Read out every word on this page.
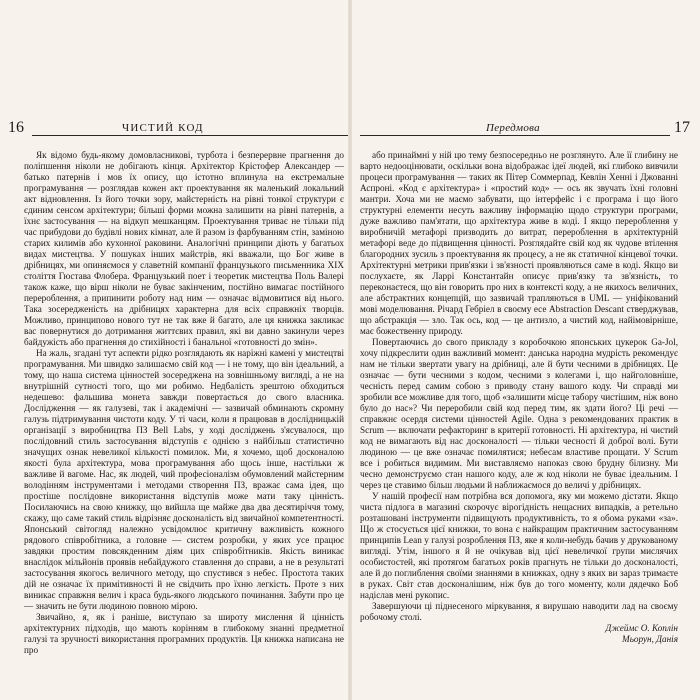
16	ЧИСТИЙ КОД

Як відомо будь-якому домовласникові, турбота і безперервне прагнення до поліпшення ніколи не добігають кінця. Архітектор Крістофер Александер — батько патернів і мов їх опису, що істотно вплинула на екстремальне програмування — розглядав кожен акт проектування як маленький локальний акт відновлення. Із його точки зору, майстерність на рівні тонкої структури є єдиним сенсом архітектури; більші форми можна залишити на рівні патернів, а їхнє застосування — на відкуп мешканцям. Проектування триває не тільки під час прибудови до будівлі нових кімнат, але й разом із фарбуванням стін, заміною старих килимів або кухонної раковини. Аналогічні принципи діють у багатьох видах мистецтва. У пошуках інших майстрів, які вважали, що Бог живе в дрібницях, ми опиняємося у славетній компанії французького письменника XIX століття Гюстава Флобера. Французький поет і теоретик мистецтва Поль Валері також каже, що вірш ніколи не буває закінченим, постійно вимагає постійного перероблення, а припинити роботу над ним — означає відмовитися від нього. Така зосередженість на дрібницях характерна для всіх справжніх творців. Можливо, принципово нового тут не так вже й багато, але ця книжка закликає вас повернутися до дотримання життєвих правил, які ви давно закинули через байдужість або прагнення до стихійності і банальної «готовності до змін».

На жаль, згадані тут аспекти рідко розглядають як наріжні камені у мистецтві програмування. Ми швидко залишаємо свій код — і не тому, що він ідеальний, а тому, що наша система цінностей зосереджена на зовнішньому вигляді, а не на внутрішній сутності того, що ми робимо. Недбалість зрештою обходиться недешево: фальшива монета завжди повертається до свого власника. Дослідження — як галузеві, так і академічні — зазвичай обминають скромну галузь підтримування чистоти коду. У ті часи, коли я працював в дослідницькій організації з виробництва ПЗ Bell Labs, у ході досліджень з'ясувалося, що послідовний стиль застосування відступів є однією з найбільш статистично значущих ознак невеликої кількості помилок. Ми, я хочемо, щоб досконалою якості була архітектура, мова програмування або щось інше, настільки ж важливе й вагоме. Нас, як людей, чий професіоналізм обумовлений майстерним володінням інструментами і методами створення ПЗ, вражає сама ідея, що простіше послідовне використання відступів може мати таку цінність. Посилаючись на свою книжку, що вийшла ще майже два два десятиріччя тому, скажу, що саме такий стиль відрізняє досконалість від звичайної компетентності. Японський світогляд належно усвідомлює критичну важливість кожного рядового співробітника, а головне — систем розробки, у яких усе працює завдяки простим повсякденним діям цих співробітників. Якість виникає внаслідок мільйонів проявів небайдужого ставлення до справи, а не в результаті застосування якогось величного методу, що спустився з небес. Простота таких дій не означає їх примітивності й не свідчить про їхню легкість. Проте з них виникає справжня велич і краса будь-якого людського починання. Забути про це — значить не бути людиною повною мірою.

Звичайно, я, як і раніше, виступаю за широту мислення й цінність архітектурних підходів, що мають корінням в глибокому знанні предметної галузі та зручності використання програмних продуктів. Ця книжка написана не про

Передмова	17

або принаймні у ній цю тему безпосередньо не розглянуто. Але її глибину не варто недооцінювати, оскільки вона відображає ідеї людей, які глибоко вивчили процеси програмування — таких як Пітер Соммерпад, Кевлін Хенні і Джованні Аспроні. «Код є архітектура» і «простий код» — ось як звучать їхні головні мантри. Хоча ми не маємо забувати, що інтерфейс і є програма і що його структурні елементи несуть важливу інформацію щодо структури програми, дуже важливо пам'ятати, що архітектура живе в коді. І якщо перероблення у виробничій метафорі призводить до витрат, перероблення в архітектурній метафорі веде до підвищення цінності. Розглядайте свій код як чудове втілення благородних зусиль з проектування як процесу, а не як статичної кінцевої точки. Архітектурні метрики прив'язки і зв'язності проявляються саме в коді. Якщо ви послухаєте, як Ларрі Константайн описує прив'язку та зв'язність, то переконаєтеся, що він говорить про них в контексті коду, а не якихось величних, але абстрактних концепцій, що зазвичай трапляються в UML — уніфікований мові моделювання. Річард Гебріел в своєму есе Abstraction Descant стверджував, що абстракція — зло. Так ось, код — це антизло, а чистий код, найімовірніше, має божественну природу.

Повертаючись до свого прикладу з коробочкою японських цукерок Ga-Jol, хочу підкреслити один важливий момент: данська народна мудрість рекомендує нам не тільки звертати увагу на дрібниці, але й бути чесними в дрібницях. Це означає — бути чесними з кодом, чесними з колегами і, що найголовніше, чесність перед самим собою з приводу стану вашого коду. Чи справді ми зробили все можливе для того, щоб «залишити місце табору чистішим, ніж воно було до нас»? Чи переробили свій код перед тим, як здати його? Ці речі — справжнє осердя системи цінностей Agile. Одна з рекомендованих практик в Scrum — включати рефакторинг в критерії готовності. Ні архітектура, ні чистий код не вимагають від нас досконалості — тільки чесності й доброї волі. Бути людиною — це вже означає помилятися; небесам властиве прощати. У Scrum все і робиться видимим. Ми виставляємо напоказ свою брудну білизну. Ми чесно демонструємо стан нашого коду, але ж код ніколи не буває ідеальним. І через це ставимо більш людьми й наближаємося до величі у дрібницях.

У нашій професії нам потрібна вся допомога, яку ми можемо дістати. Якщо чиста підлога в магазині скорочує вірогідність нещасних випадків, а ретельно розташовані інструменти підвищують продуктивність, то я обома руками «за». Що ж стосується цієї книжки, то вона є найкращим практичним застосуванням принципів Lean у галузі розроблення ПЗ, яке я коли-небудь бачив у друкованому вигляді. Утім, іншого я й не очікував від цієї невеличкої групи мислячих особистостей, які протягом багатьох років прагнуть не тільки до досконалості, але й до поглиблення своїми знаннями в книжках, одну з яких ви зараз тримаєте в руках. Світ став досконалішим, ніж був до того моменту, коли дядечко Боб надіслав мені рукопис.

Завершуючи ці піднесеного міркування, я вирушаю наводити лад на своєму робочому столі.

Джеймс О. Коплін

Мьорун, Данія
